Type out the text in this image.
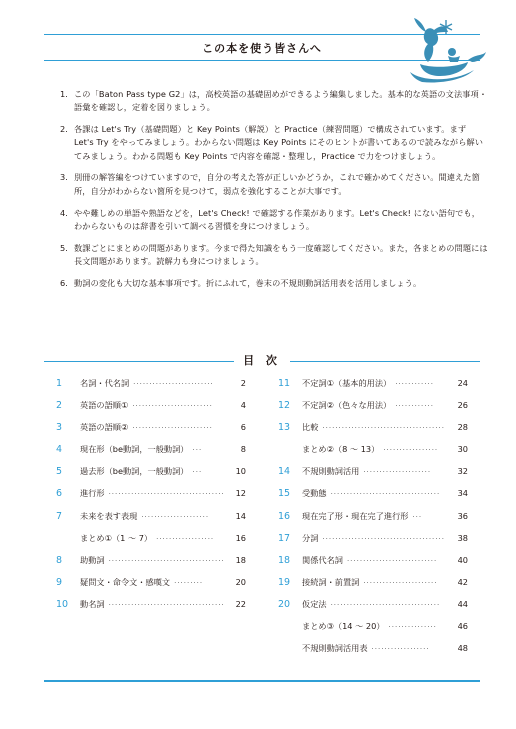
この本を使う皆さんへ
1. この「Baton Pass type G2」は，高校英語の基礎固めができるよう編集しました。基本的な英語の文法事項・語彙を確認し，定着を図りましょう。
2. 各課は Let's Try（基礎問題）と Key Points（解説）と Practice（練習問題）で構成されています。まず Let's Try をやってみましょう。わからない問題は Key Points にそのヒントが書いてあるので読みながら解いてみましょう。わかる問題も Key Points で内容を確認・整理し，Practice で力をつけましょう。
3. 別冊の解答編をつけていますので，自分の考えた答が正しいかどうか，これで確かめてください。間違えた箇所，自分がわからない箇所を見つけて，弱点を強化することが大事です。
4. やや難しめの単語や熟語などを，Let's Check! で確認する作業があります。Let's Check! にない語句でも，わからないものは辞書を引いて調べる習慣を身につけましょう。
5. 数課ごとにまとめの問題があります。今まで得た知識をもう一度確認してください。また，各まとめの問題には長文問題があります。読解力も身につけましょう。
6. 動詞の変化も大切な基本事項です。折にふれて，巻末の不規則動詞活用表を活用しましょう。
目 次
1	名詞・代名詞 ·························	2
2	英語の語順① ·························	4
3	英語の語順② ·························	6
4	現在形（be動詞，一般動詞） ···	8
5	過去形（be動詞，一般動詞） ···	10
6	進行形 ····································	12
7	未来を表す表現 ·····················	14
まとめ①（1 ～ 7） ··················	16
8	助動詞 ····································	18
9	疑問文・命令文・感嘆文 ·········	20
10	動名詞 ····································	22
11	不定詞①（基本的用法） ············	24
12	不定詞②（色々な用法） ············	26
13	比較 ······································	28
まとめ②（8 ～ 13） ·················	30
14	不規則動詞活用 ·····················	32
15	受動態 ··································	34
16	現在完了形・現在完了進行形 ···	36
17	分詞 ······································	38
18	関係代名詞 ····························	40
19	接続詞・前置詞 ·······················	42
20	仮定法 ··································	44
まとめ③（14 ～ 20） ···············	46
不規則動詞活用表 ··················	48
